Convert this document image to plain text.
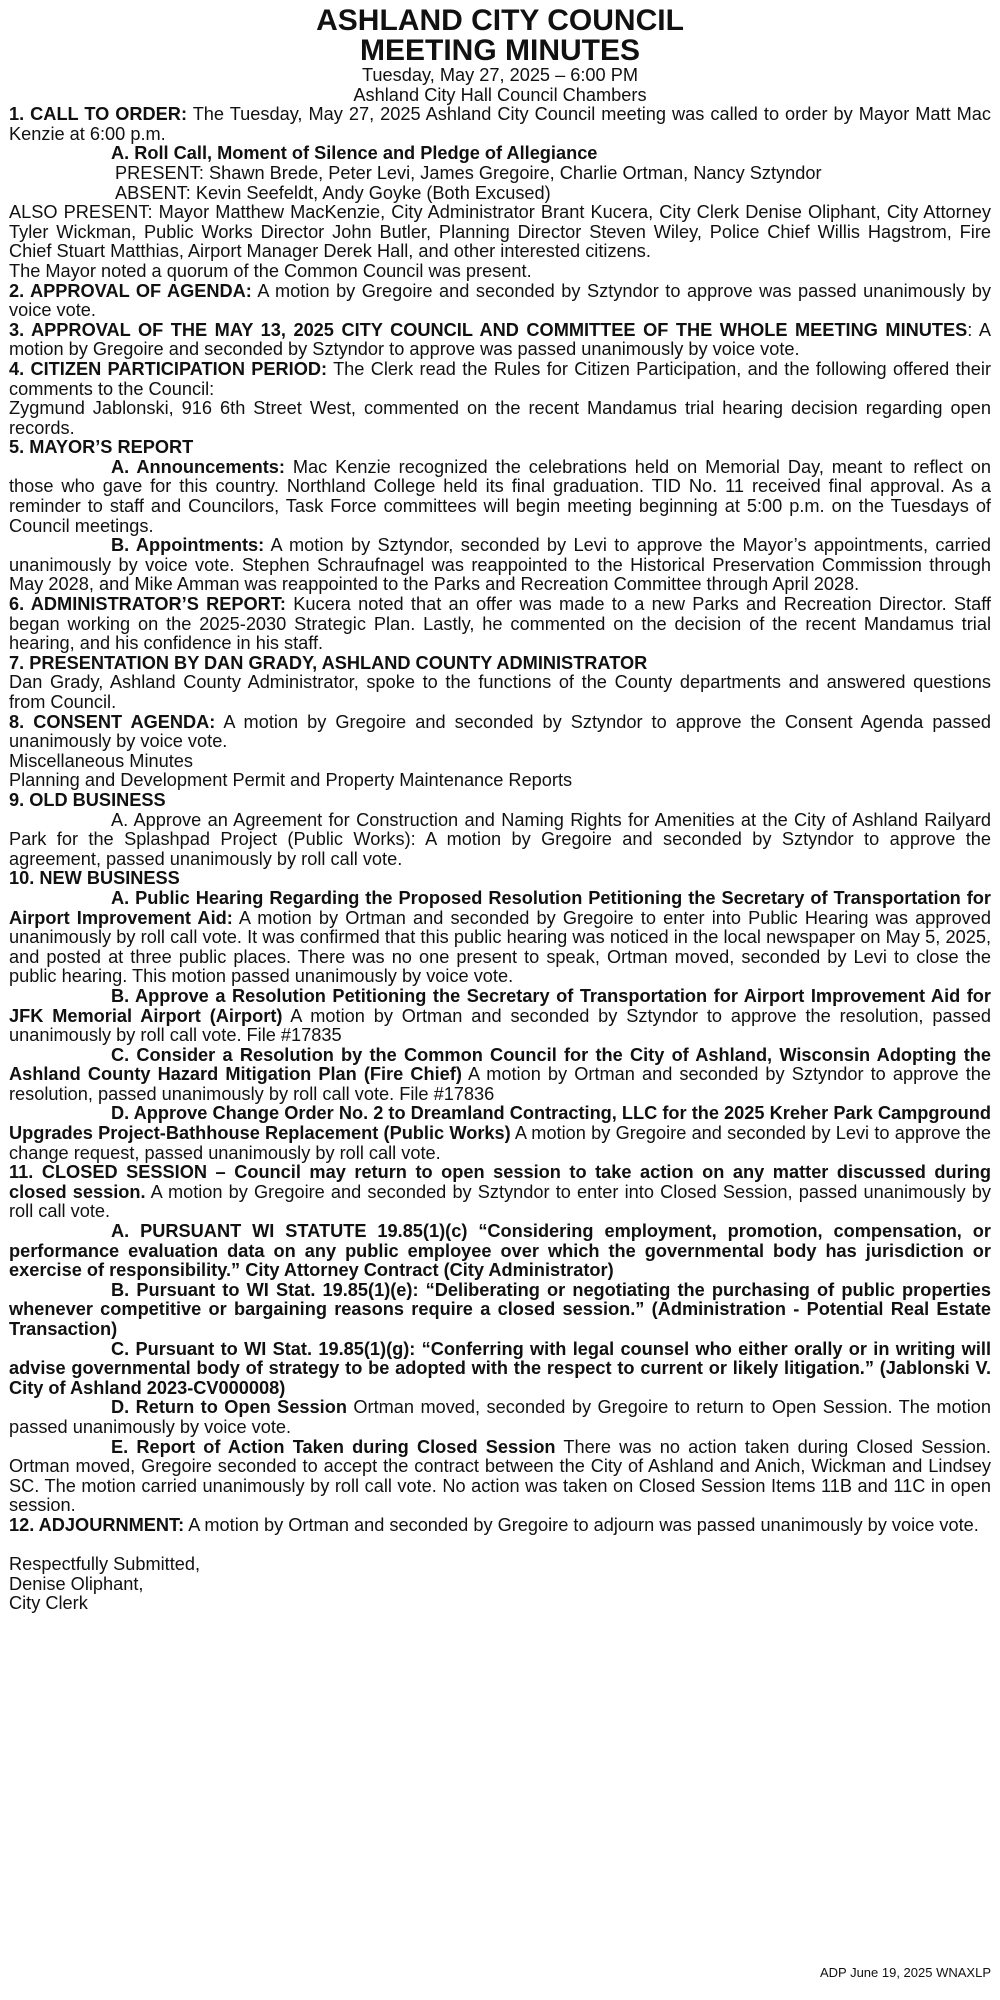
ASHLAND CITY COUNCIL

MEETING MINUTES

Tuesday, May 27, 2025 – 6:00 PM

Ashland City Hall Council Chambers

1. CALL TO ORDER: The Tuesday, May 27, 2025 Ashland City Council meeting was called to order by Mayor Matt Mac Kenzie at 6:00 p.m.

A. Roll Call, Moment of Silence and Pledge of Allegiance

PRESENT: Shawn Brede, Peter Levi, James Gregoire, Charlie Ortman, Nancy Sztyndor

ABSENT: Kevin Seefeldt, Andy Goyke (Both Excused)

ALSO PRESENT: Mayor Matthew MacKenzie, City Administrator Brant Kucera, City Clerk Denise Oliphant, City Attorney Tyler Wickman, Public Works Director John Butler, Planning Director Steven Wiley, Police Chief Willis Hagstrom, Fire Chief Stuart Matthias, Airport Manager Derek Hall, and other interested citizens.

The Mayor noted a quorum of the Common Council was present.

2. APPROVAL OF AGENDA: A motion by Gregoire and seconded by Sztyndor to approve was passed unanimously by voice vote.

3. APPROVAL OF THE MAY 13, 2025 CITY COUNCIL AND COMMITTEE OF THE WHOLE MEETING MINUTES: A motion by Gregoire and seconded by Sztyndor to approve was passed unanimously by voice vote.

4. CITIZEN PARTICIPATION PERIOD: The Clerk read the Rules for Citizen Participation, and the following offered their comments to the Council:

Zygmund Jablonski, 916 6th Street West, commented on the recent Mandamus trial hearing decision regarding open records.

5. MAYOR’S REPORT

A. Announcements: Mac Kenzie recognized the celebrations held on Memorial Day, meant to reflect on those who gave for this country. Northland College held its final graduation. TID No. 11 received final approval. As a reminder to staff and Councilors, Task Force committees will begin meeting beginning at 5:00 p.m. on the Tuesdays of Council meetings.

B. Appointments: A motion by Sztyndor, seconded by Levi to approve the Mayor’s appointments, carried unanimously by voice vote. Stephen Schraufnagel was reappointed to the Historical Preservation Commission through May 2028, and Mike Amman was reappointed to the Parks and Recreation Committee through April 2028.

6. ADMINISTRATOR’S REPORT: Kucera noted that an offer was made to a new Parks and Recreation Director. Staff began working on the 2025-2030 Strategic Plan. Lastly, he commented on the decision of the recent Mandamus trial hearing, and his confidence in his staff.

7. PRESENTATION BY DAN GRADY, ASHLAND COUNTY ADMINISTRATOR

Dan Grady, Ashland County Administrator, spoke to the functions of the County departments and answered questions from Council.

8. CONSENT AGENDA: A motion by Gregoire and seconded by Sztyndor to approve the Consent Agenda passed unanimously by voice vote.

Miscellaneous Minutes

Planning and Development Permit and Property Maintenance Reports

9. OLD BUSINESS

A. Approve an Agreement for Construction and Naming Rights for Amenities at the City of Ashland Railyard Park for the Splashpad Project (Public Works): A motion by Gregoire and seconded by Sztyndor to approve the agreement, passed unanimously by roll call vote.

10. NEW BUSINESS

A. Public Hearing Regarding the Proposed Resolution Petitioning the Secretary of Transportation for Airport Improvement Aid: A motion by Ortman and seconded by Gregoire to enter into Public Hearing was approved unanimously by roll call vote. It was confirmed that this public hearing was noticed in the local newspaper on May 5, 2025, and posted at three public places. There was no one present to speak, Ortman moved, seconded by Levi to close the public hearing. This motion passed unanimously by voice vote.

B. Approve a Resolution Petitioning the Secretary of Transportation for Airport Improvement Aid for JFK Memorial Airport (Airport) A motion by Ortman and seconded by Sztyndor to approve the resolution, passed unanimously by roll call vote. File #17835

C. Consider a Resolution by the Common Council for the City of Ashland, Wisconsin Adopting the Ashland County Hazard Mitigation Plan (Fire Chief) A motion by Ortman and seconded by Sztyndor to approve the resolution, passed unanimously by roll call vote. File #17836

D. Approve Change Order No. 2 to Dreamland Contracting, LLC for the 2025 Kreher Park Campground Upgrades Project-Bathhouse Replacement (Public Works) A motion by Gregoire and seconded by Levi to approve the change request, passed unanimously by roll call vote.

11. CLOSED SESSION – Council may return to open session to take action on any matter discussed during closed session. A motion by Gregoire and seconded by Sztyndor to enter into Closed Session, passed unanimously by roll call vote.

A. PURSUANT WI STATUTE 19.85(1)(c) “Considering employment, promotion, compensation, or performance evaluation data on any public employee over which the governmental body has jurisdiction or exercise of responsibility.” City Attorney Contract (City Administrator)

B. Pursuant to WI Stat. 19.85(1)(e): “Deliberating or negotiating the purchasing of public properties whenever competitive or bargaining reasons require a closed session.” (Administration - Potential Real Estate Transaction)

C. Pursuant to WI Stat. 19.85(1)(g): “Conferring with legal counsel who either orally or in writing will advise governmental body of strategy to be adopted with the respect to current or likely litigation.” (Jablonski V. City of Ashland 2023-CV000008)

D. Return to Open Session Ortman moved, seconded by Gregoire to return to Open Session. The motion passed unanimously by voice vote.

E. Report of Action Taken during Closed Session There was no action taken during Closed Session. Ortman moved, Gregoire seconded to accept the contract between the City of Ashland and Anich, Wickman and Lindsey SC. The motion carried unanimously by roll call vote. No action was taken on Closed Session Items 11B and 11C in open session.

12. ADJOURNMENT: A motion by Ortman and seconded by Gregoire to adjourn was passed unanimously by voice vote.

Respectfully Submitted,

Denise Oliphant,

City Clerk

ADP June 19, 2025 WNAXLP
